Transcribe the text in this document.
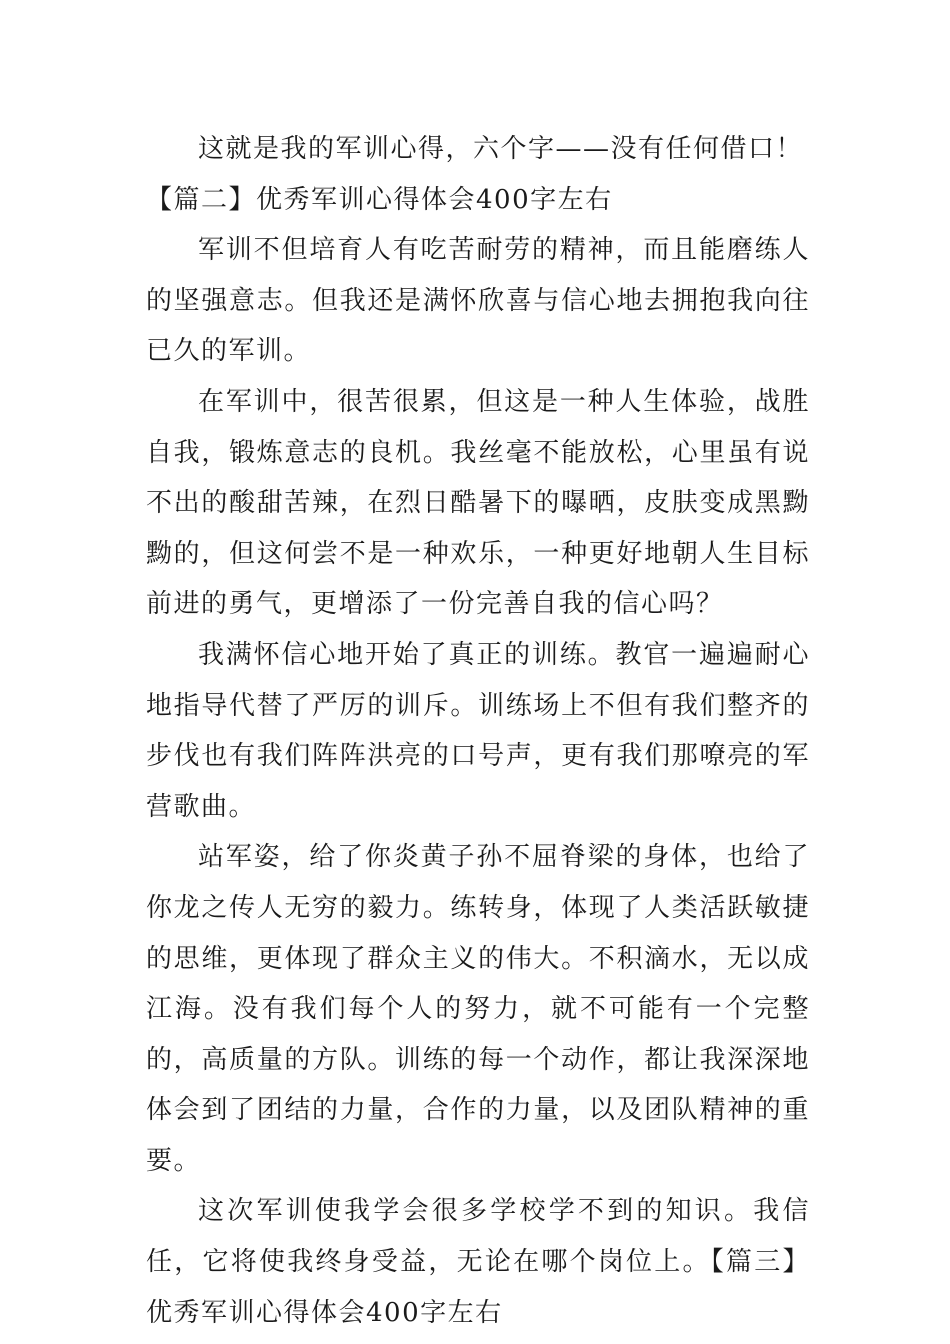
这就是我的军训心得，六个字——没有任何借口！

【篇二】优秀军训心得体会400字左右

军训不但培育人有吃苦耐劳的精神，而且能磨练人的坚强意志。但我还是满怀欣喜与信心地去拥抱我向往已久的军训。

在军训中，很苦很累，但这是一种人生体验，战胜自我，锻炼意志的良机。我丝毫不能放松，心里虽有说不出的酸甜苦辣，在烈日酷暑下的曝晒，皮肤变成黑黝黝的，但这何尝不是一种欢乐，一种更好地朝人生目标前进的勇气，更增添了一份完善自我的信心吗？

我满怀信心地开始了真正的训练。教官一遍遍耐心地指导代替了严厉的训斥。训练场上不但有我们整齐的步伐也有我们阵阵洪亮的口号声，更有我们那嘹亮的军营歌曲。

站军姿，给了你炎黄子孙不屈脊梁的身体，也给了你龙之传人无穷的毅力。练转身，体现了人类活跃敏捷的思维，更体现了群众主义的伟大。不积滴水，无以成江海。没有我们每个人的努力，就不可能有一个完整的，高质量的方队。训练的每一个动作，都让我深深地体会到了团结的力量，合作的力量，以及团队精神的重要。

这次军训使我学会很多学校学不到的知识。我信任，它将使我终身受益，无论在哪个岗位上。【篇三】优秀军训心得体会400字左右
